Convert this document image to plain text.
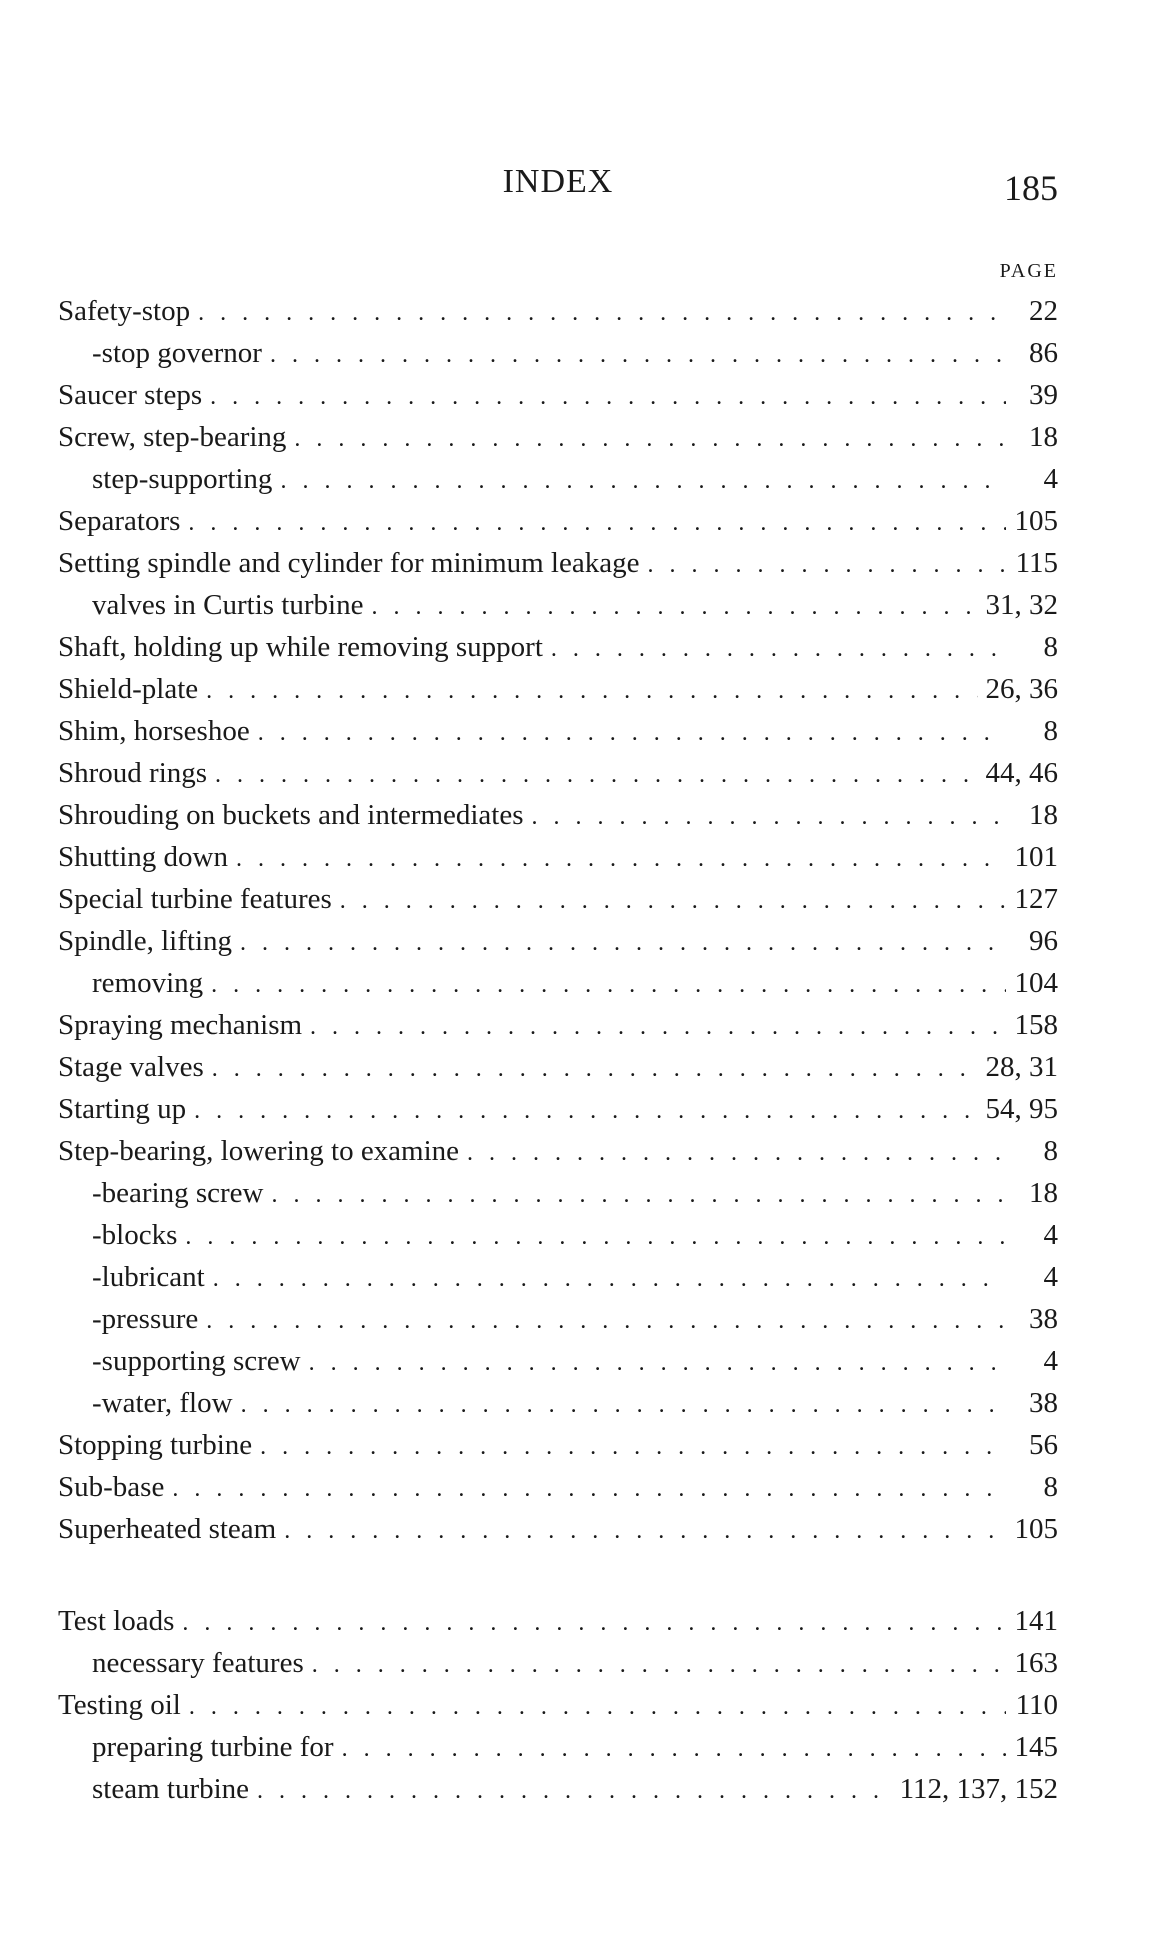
INDEX	185
PAGE
Safety-stop . . .	22
-stop governor . . .	86
Saucer steps . . .	39
Screw, step-bearing . . .	18
step-supporting . . .	4
Separators . . .	105
Setting spindle and cylinder for minimum leakage . . .	115
valves in Curtis turbine . . .	31, 32
Shaft, holding up while removing support . . .	8
Shield-plate . . .	26, 36
Shim, horseshoe . . .	8
Shroud rings . . .	44, 46
Shrouding on buckets and intermediates . . .	18
Shutting down . . .	101
Special turbine features . . .	127
Spindle, lifting . . .	96
removing . . .	104
Spraying mechanism . . .	158
Stage valves . . .	28, 31
Starting up . . .	54, 95
Step-bearing, lowering to examine . . .	8
-bearing screw . . .	18
-blocks . . .	4
-lubricant . . .	4
-pressure . . .	38
-supporting screw . . .	4
-water, flow . . .	38
Stopping turbine . . .	56
Sub-base . . .	8
Superheated steam . . .	105
Test loads . . .	141
necessary features . . .	163
Testing oil . . .	110
preparing turbine for . . .	145
steam turbine . . .	112, 137, 152
